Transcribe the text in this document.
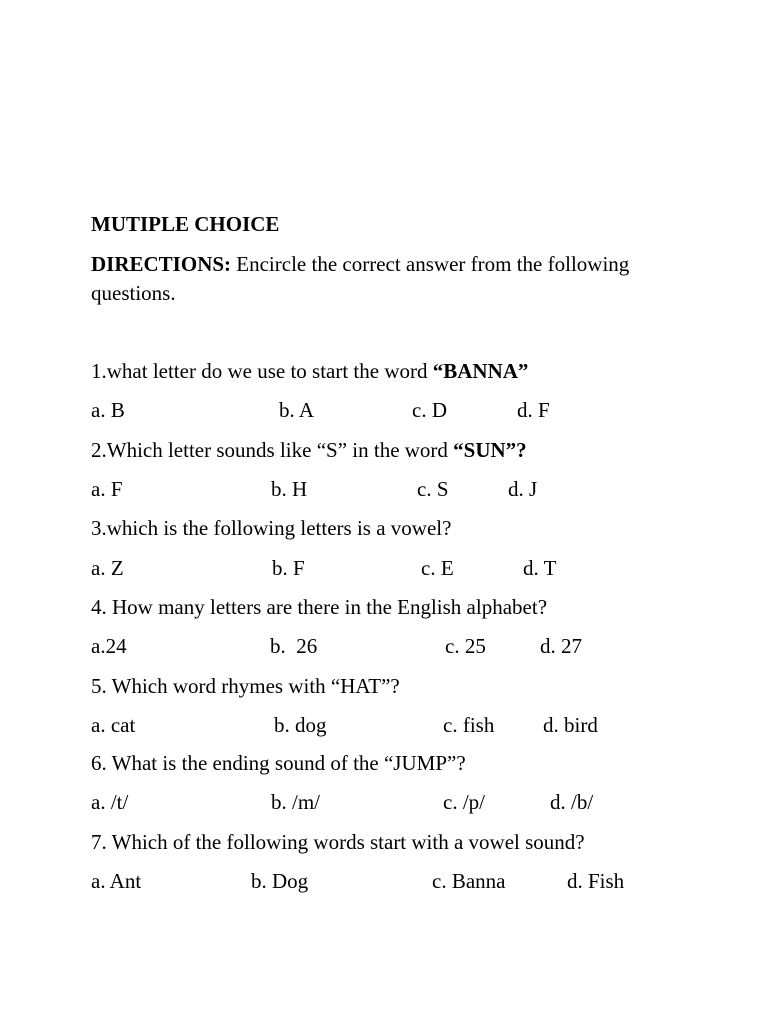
MUTIPLE CHOICE
DIRECTIONS: Encircle the correct answer from the following questions.
1.what letter do we use to start the word “BANNA”
a. B	b. A	c. D	d. F
2.Which letter sounds like “S” in the word “SUN”?
a. F	b. H	c. S	d. J
3.which is the following letters is a vowel?
a. Z	b. F	c. E	d. T
4. How many letters are there in the English alphabet?
a.24	b.  26	c. 25	d. 27
5. Which word rhymes with “HAT”?
a. cat	b. dog	c. fish d. bird
6. What is the ending sound of the “JUMP”?
a. /t/	b. /m/	c. /p/	d. /b/
7. Which of the following words start with a vowel sound?
a. Ant	b. Dog	c. Banna	d. Fish
